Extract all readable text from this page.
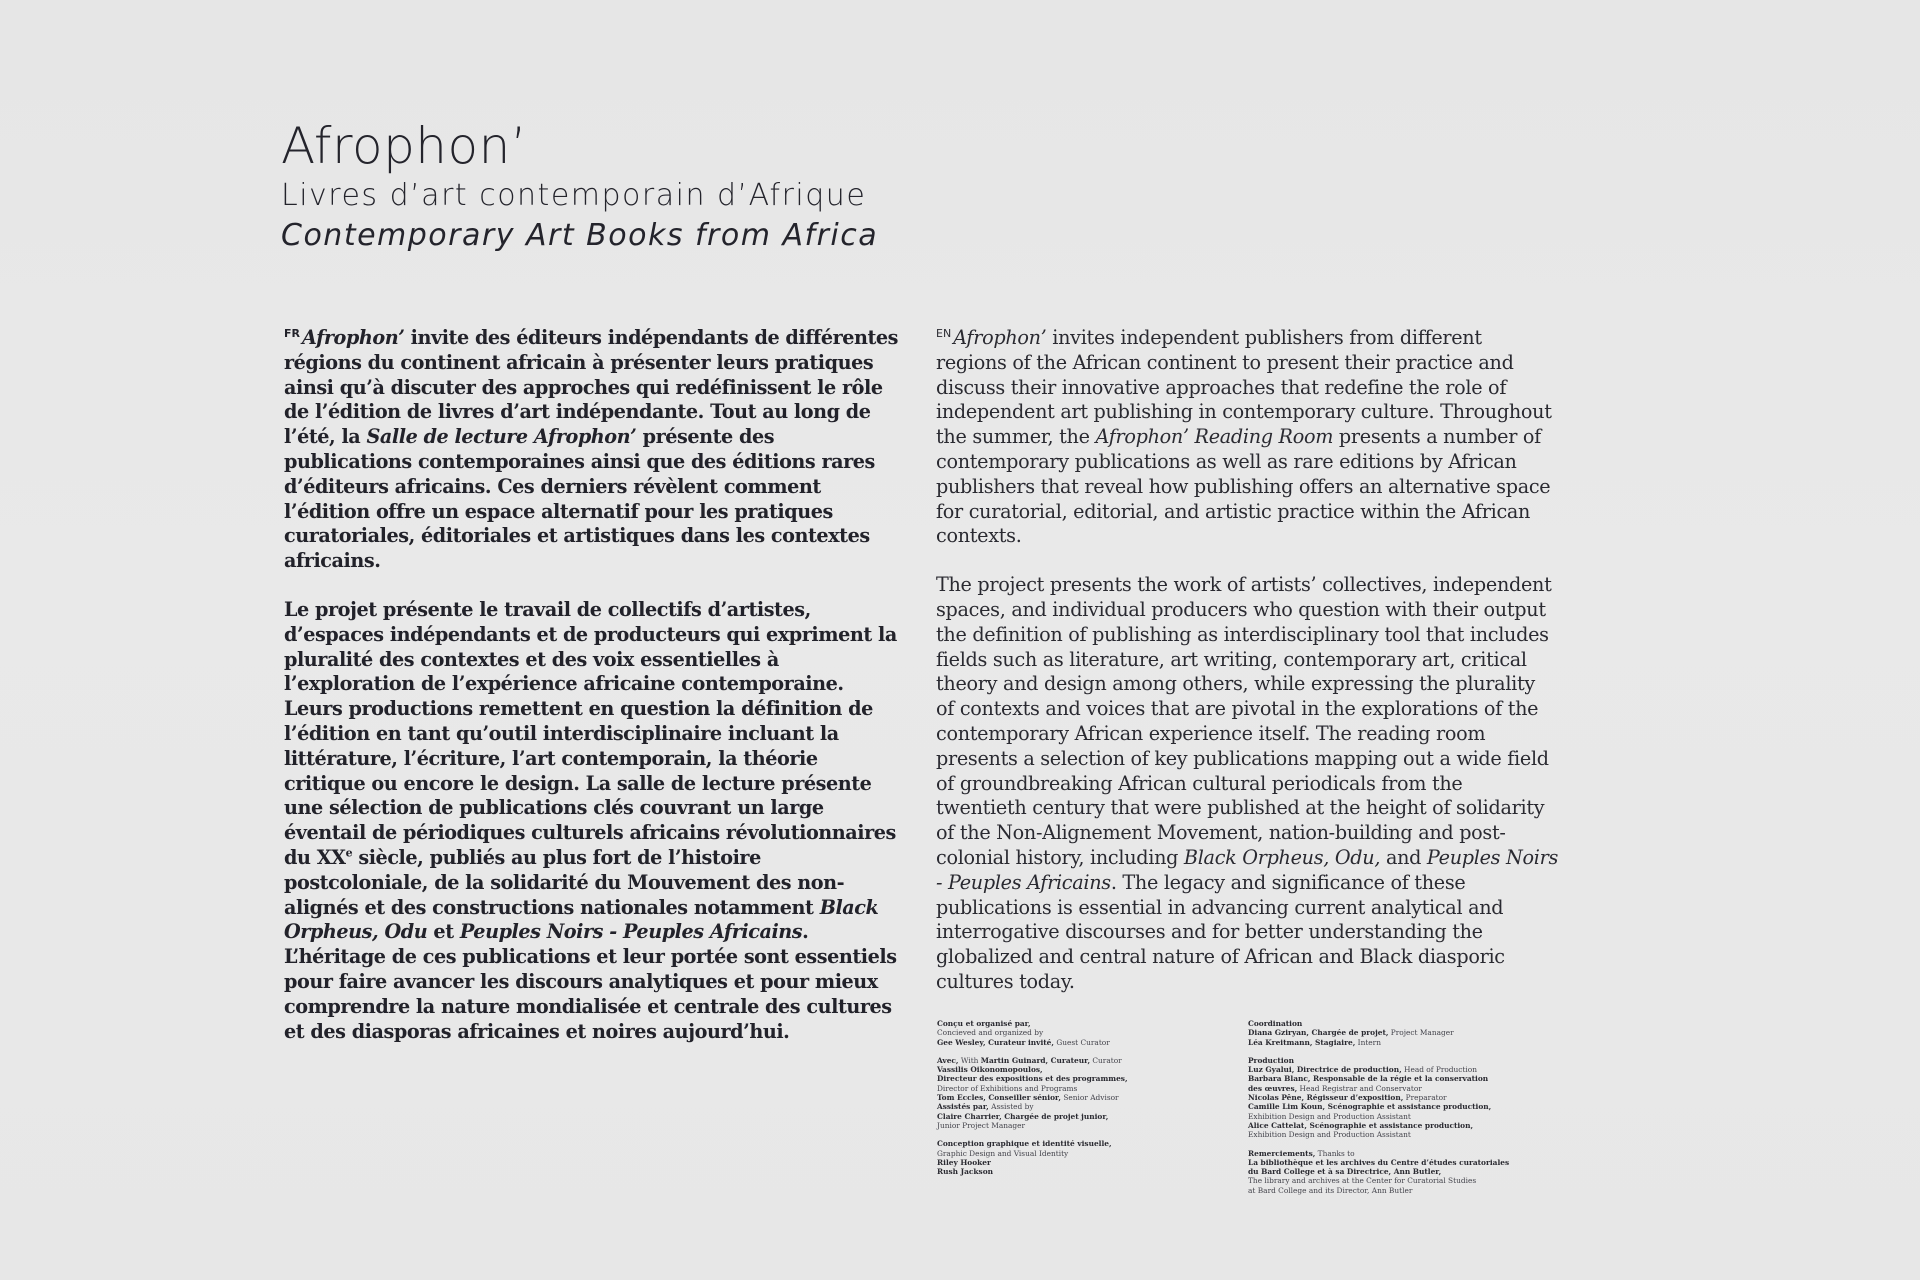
Afrophon’
Livres d’art contemporain d’Afrique
Contemporary Art Books from Africa

$^{FR}$ Afrophon’ invite des éditeurs indépendants de différentes régions du continent africain à présenter leurs pratiques ainsi qu’à discuter des approches qui redéfinissent le rôle de l’édition de livres d’art indépendante. Tout au long de l’été, la Salle de lecture Afrophon’ présente des publications contemporaines ainsi que des éditions rares d’éditeurs africains. Ces derniers révèlent comment l’édition offre un espace alternatif pour les pratiques curatoriales, éditoriales et artistiques dans les contextes africains.

Le projet présente le travail de collectifs d’artistes, d’espaces indépendants et de producteurs qui expriment la pluralité des contextes et des voix essentielles à l’exploration de l’expérience africaine contemporaine. Leurs productions remettent en question la définition de l’édition en tant qu’outil interdisciplinaire incluant la littérature, l’écriture, l’art contemporain, la théorie critique ou encore le design. La salle de lecture présente une sélection de publications clés couvrant un large éventail de périodiques culturels africains révolutionnaires du XXe siècle, publiés au plus fort de l’histoire postcoloniale, de la solidarité du Mouvement des non-alignés et des constructions nationales notamment Black Orpheus, Odu et Peuples Noirs - Peuples Africains. L’héritage de ces publications et leur portée sont essentiels pour faire avancer les discours analytiques et pour mieux comprendre la nature mondialisée et centrale des cultures et des diasporas africaines et noires aujourd’hui.

$^{EN}$ Afrophon’ invites independent publishers from different regions of the African continent to present their practice and discuss their innovative approaches that redefine the role of independent art publishing in contemporary culture. Throughout the summer, the Afrophon’ Reading Room presents a number of contemporary publications as well as rare editions by African publishers that reveal how publishing offers an alternative space for curatorial, editorial, and artistic practice within the African contexts.

The project presents the work of artists’ collectives, independent spaces, and individual producers who question with their output the definition of publishing as interdisciplinary tool that includes fields such as literature, art writing, contemporary art, critical theory and design among others, while expressing the plurality of contexts and voices that are pivotal in the explorations of the contemporary African experience itself. The reading room presents a selection of key publications mapping out a wide field of groundbreaking African cultural periodicals from the twentieth century that were published at the height of solidarity of the Non-Alignement Movement, nation-building and post-colonial history, including Black Orpheus, Odu, and Peuples Noirs - Peuples Africains. The legacy and significance of these publications is essential in advancing current analytical and interrogative discourses and for better understanding the globalized and central nature of African and Black diasporic cultures today.

Conçu et organisé par,
Concieved and organized by
Gee Wesley, Curateur invité, Guest Curator
Avec, With Martin Guinard, Curateur, Curator
Vassilis Oikonomopoulos,
Directeur des expositions et des programmes,
Director of Exhibitions and Programs
Tom Eccles, Conseiller sénior, Senior Advisor
Assistés par, Assisted by
Claire Charrier, Chargée de projet junior,
Junior Project Manager
Conception graphique et identité visuelle,
Graphic Design and Visual Identity
Riley Hooker
Rush Jackson
Coordination
Diana Gziryan, Chargée de projet, Project Manager
Léa Kreitmann, Stagiaire, Intern
Production
Luz Gyalui, Directrice de production, Head of Production
Barbara Blanc, Responsable de la régie et la conservation
des œuvres, Head Registrar and Conservator
Nicolas Pêne, Régisseur d’exposition, Preparator
Camille Lim Koun, Scénographie et assistance production,
Exhibition Design and Production Assistant
Alice Cattelat, Scénographie et assistance production,
Exhibition Design and Production Assistant
Remerciements, Thanks to
La bibliothèque et les archives du Centre d’études curatoriales
du Bard College et à sa Directrice, Ann Butler,
The library and archives at the Center for Curatorial Studies
at Bard College and its Director, Ann Butler
